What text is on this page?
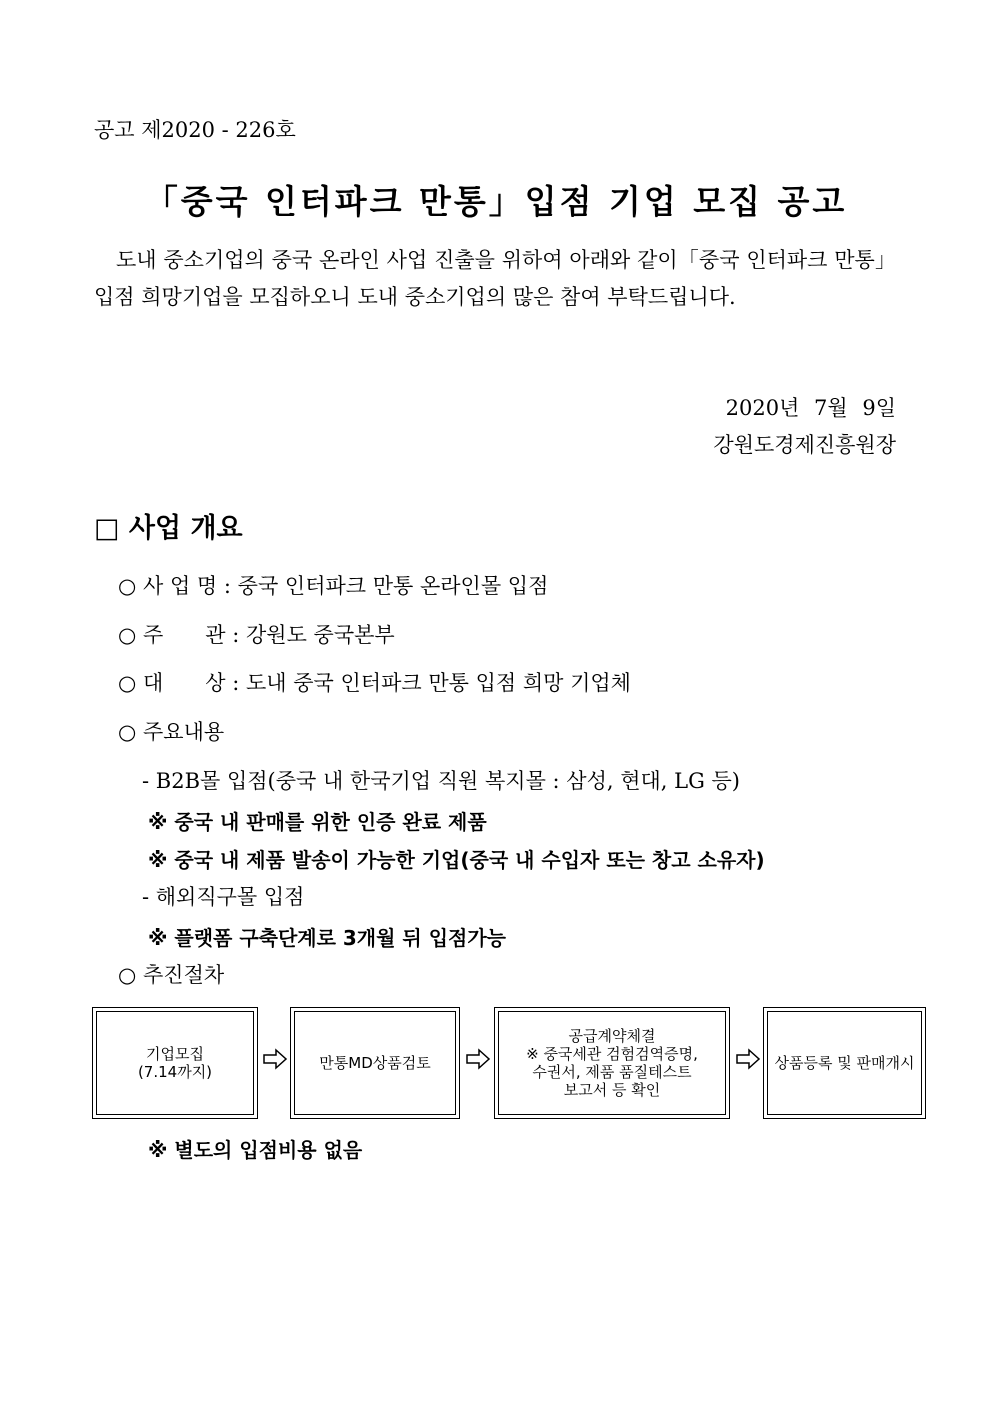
공고 제2020 - 226호
「중국 인터파크 만통」입점 기업 모집 공고
도내 중소기업의 중국 온라인 사업 진출을 위하여 아래와 같이「중국 인터파크 만통」입점 희망기업을 모집하오니 도내 중소기업의 많은 참여 부탁드립니다.
2020년 7월 9일
강원도경제진흥원장
□ 사업 개요
○ 사 업 명 : 중국 인터파크 만통 온라인몰 입점
○ 주　　관 : 강원도 중국본부
○ 대　　상 : 도내 중국 인터파크 만통 입점 희망 기업체
○ 주요내용
- B2B몰 입점(중국 내 한국기업 직원 복지몰 : 삼성, 현대, LG 등)
※ 중국 내 판매를 위한 인증 완료 제품
※ 중국 내 제품 발송이 가능한 기업(중국 내 수입자 또는 창고 소유자)
- 해외직구몰 입점
※ 플랫폼 구축단계로 3개월 뒤 입점가능
○ 추진절차
기업모집
(7.14까지)	만통MD상품검토
공급계약체결
※ 중국세관 검험검역증명,
수권서, 제품 품질테스트
보고서 등 확인
상품등록 및 판매개시
※ 별도의 입점비용 없음
